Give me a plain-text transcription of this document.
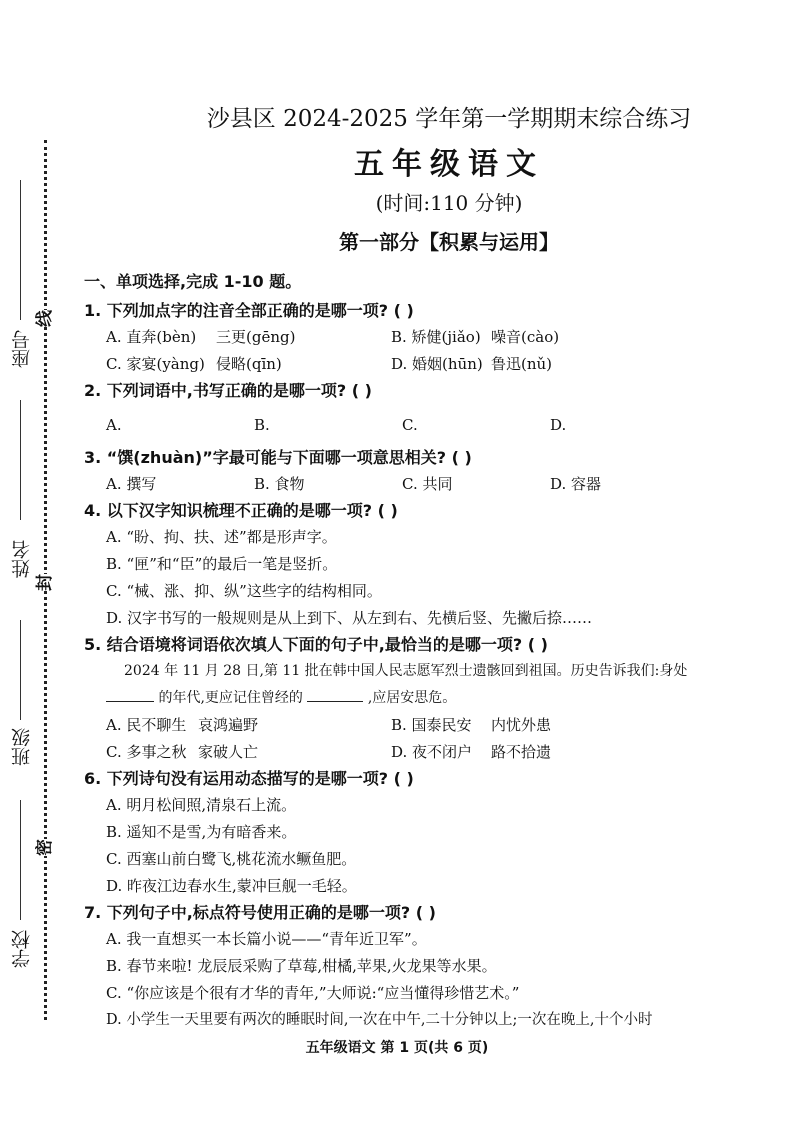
线
封
密
座号
姓名
班级
学校
沙县区 2024-2025 学年第一学期期末综合练习
五年级语文
(时间:110 分钟)
第一部分【积累与运用】
一、单项选择,完成 1-10 题。
1. 下列加点字的注音全部正确的是哪一项? ( )
A. 直奔(bèn)	三更(gēng)	B. 矫健(jiǎo) 噪音(cào)
C. 家宴(yàng) 侵略(qīn)	D. 婚姻(hūn) 鲁迅(nǔ)
2. 下列词语中,书写正确的是哪一项? ( )
A.	B.	C.	D.
3. “馔(zhuàn)”字最可能与下面哪一项意思相关? ( )
A. 撰写	B. 食物	C. 共同	D. 容器
4. 以下汉字知识梳理不正确的是哪一项? ( )
A. “盼、拘、扶、述”都是形声字。
B. “匣”和“臣”的最后一笔是竖折。
C. “械、涨、抑、纵”这些字的结构相同。
D. 汉字书写的一般规则是从上到下、从左到右、先横后竖、先撇后捺……
5. 结合语境将词语依次填人下面的句子中,最恰当的是哪一项? ( )
2024 年 11 月 28 日,第 11 批在韩中国人民志愿军烈士遗骸回到祖国。历史告诉我们:身处
的年代,更应记住曾经的	,应居安思危。
A. 民不聊生 哀鸿遍野	B. 国泰民安	内忧外患
C. 多事之秋 家破人亡	D. 夜不闭户	路不拾遗
6. 下列诗句没有运用动态描写的是哪一项? ( )
A. 明月松间照,清泉石上流。
B. 遥知不是雪,为有暗香来。
C. 西塞山前白鹭飞,桃花流水鳜鱼肥。
D. 昨夜江边春水生,蒙冲巨舰一毛轻。
7. 下列句子中,标点符号使用正确的是哪一项? ( )
A. 我一直想买一本长篇小说——“青年近卫军”。
B. 春节来啦! 龙辰辰采购了草莓,柑橘,苹果,火龙果等水果。
C. “你应该是个很有才华的青年,”大师说:“应当懂得珍惜艺术。”
D. 小学生一天里要有两次的睡眠时间,一次在中午,二十分钟以上;一次在晚上,十个小时
五年级语文 第 1 页(共 6 页)
